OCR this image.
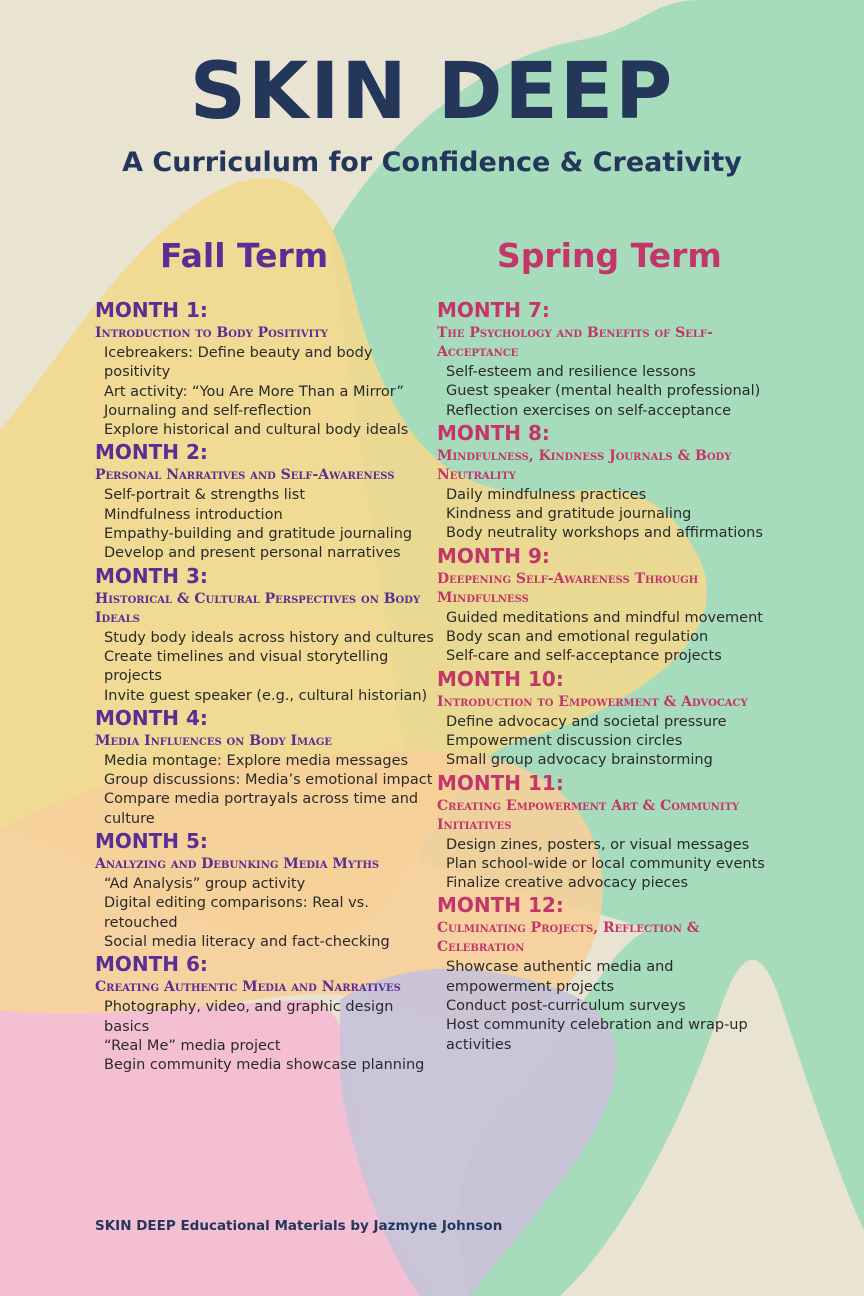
SKIN DEEP
A Curriculum for Confidence & Creativity
Fall Term	Spring Term

MONTH 1:

Introduction to Body Positivity

Icebreakers: Define beauty and body positivity
Art activity: “You Are More Than a Mirror”
Journaling and self-reflection
Explore historical and cultural body ideals

MONTH 2:

Personal Narratives and Self-Awareness

Self-portrait & strengths list
Mindfulness introduction
Empathy-building and gratitude journaling
Develop and present personal narratives

MONTH 3:

Historical & Cultural Perspectives on Body Ideals

Study body ideals across history and cultures
Create timelines and visual storytelling projects
Invite guest speaker (e.g., cultural historian)

MONTH 4:

Media Influences on Body Image

Media montage: Explore media messages
Group discussions: Media’s emotional impact
Compare media portrayals across time and culture

MONTH 5:

Analyzing and Debunking Media Myths

“Ad Analysis” group activity
Digital editing comparisons: Real vs. retouched
Social media literacy and fact-checking

MONTH 6:

Creating Authentic Media and Narratives

Photography, video, and graphic design basics
“Real Me” media project
Begin community media showcase planning

MONTH 7:

The Psychology and Benefits of Self-Acceptance

Self-esteem and resilience lessons
Guest speaker (mental health professional)
Reflection exercises on self-acceptance

MONTH 8:

Mindfulness, Kindness Journals & Body Neutrality

Daily mindfulness practices
Kindness and gratitude journaling
Body neutrality workshops and affirmations

MONTH 9:

Deepening Self-Awareness Through Mindfulness

Guided meditations and mindful movement
Body scan and emotional regulation
Self-care and self-acceptance projects

MONTH 10:

Introduction to Empowerment & Advocacy

Define advocacy and societal pressure
Empowerment discussion circles
Small group advocacy brainstorming

MONTH 11:

Creating Empowerment Art & Community Initiatives

Design zines, posters, or visual messages
Plan school-wide or local community events
Finalize creative advocacy pieces

MONTH 12:

Culminating Projects, Reflection & Celebration

Showcase authentic media and empowerment projects
Conduct post-curriculum surveys
Host community celebration and wrap-up activities

SKIN DEEP Educational Materials by Jazmyne Johnson
